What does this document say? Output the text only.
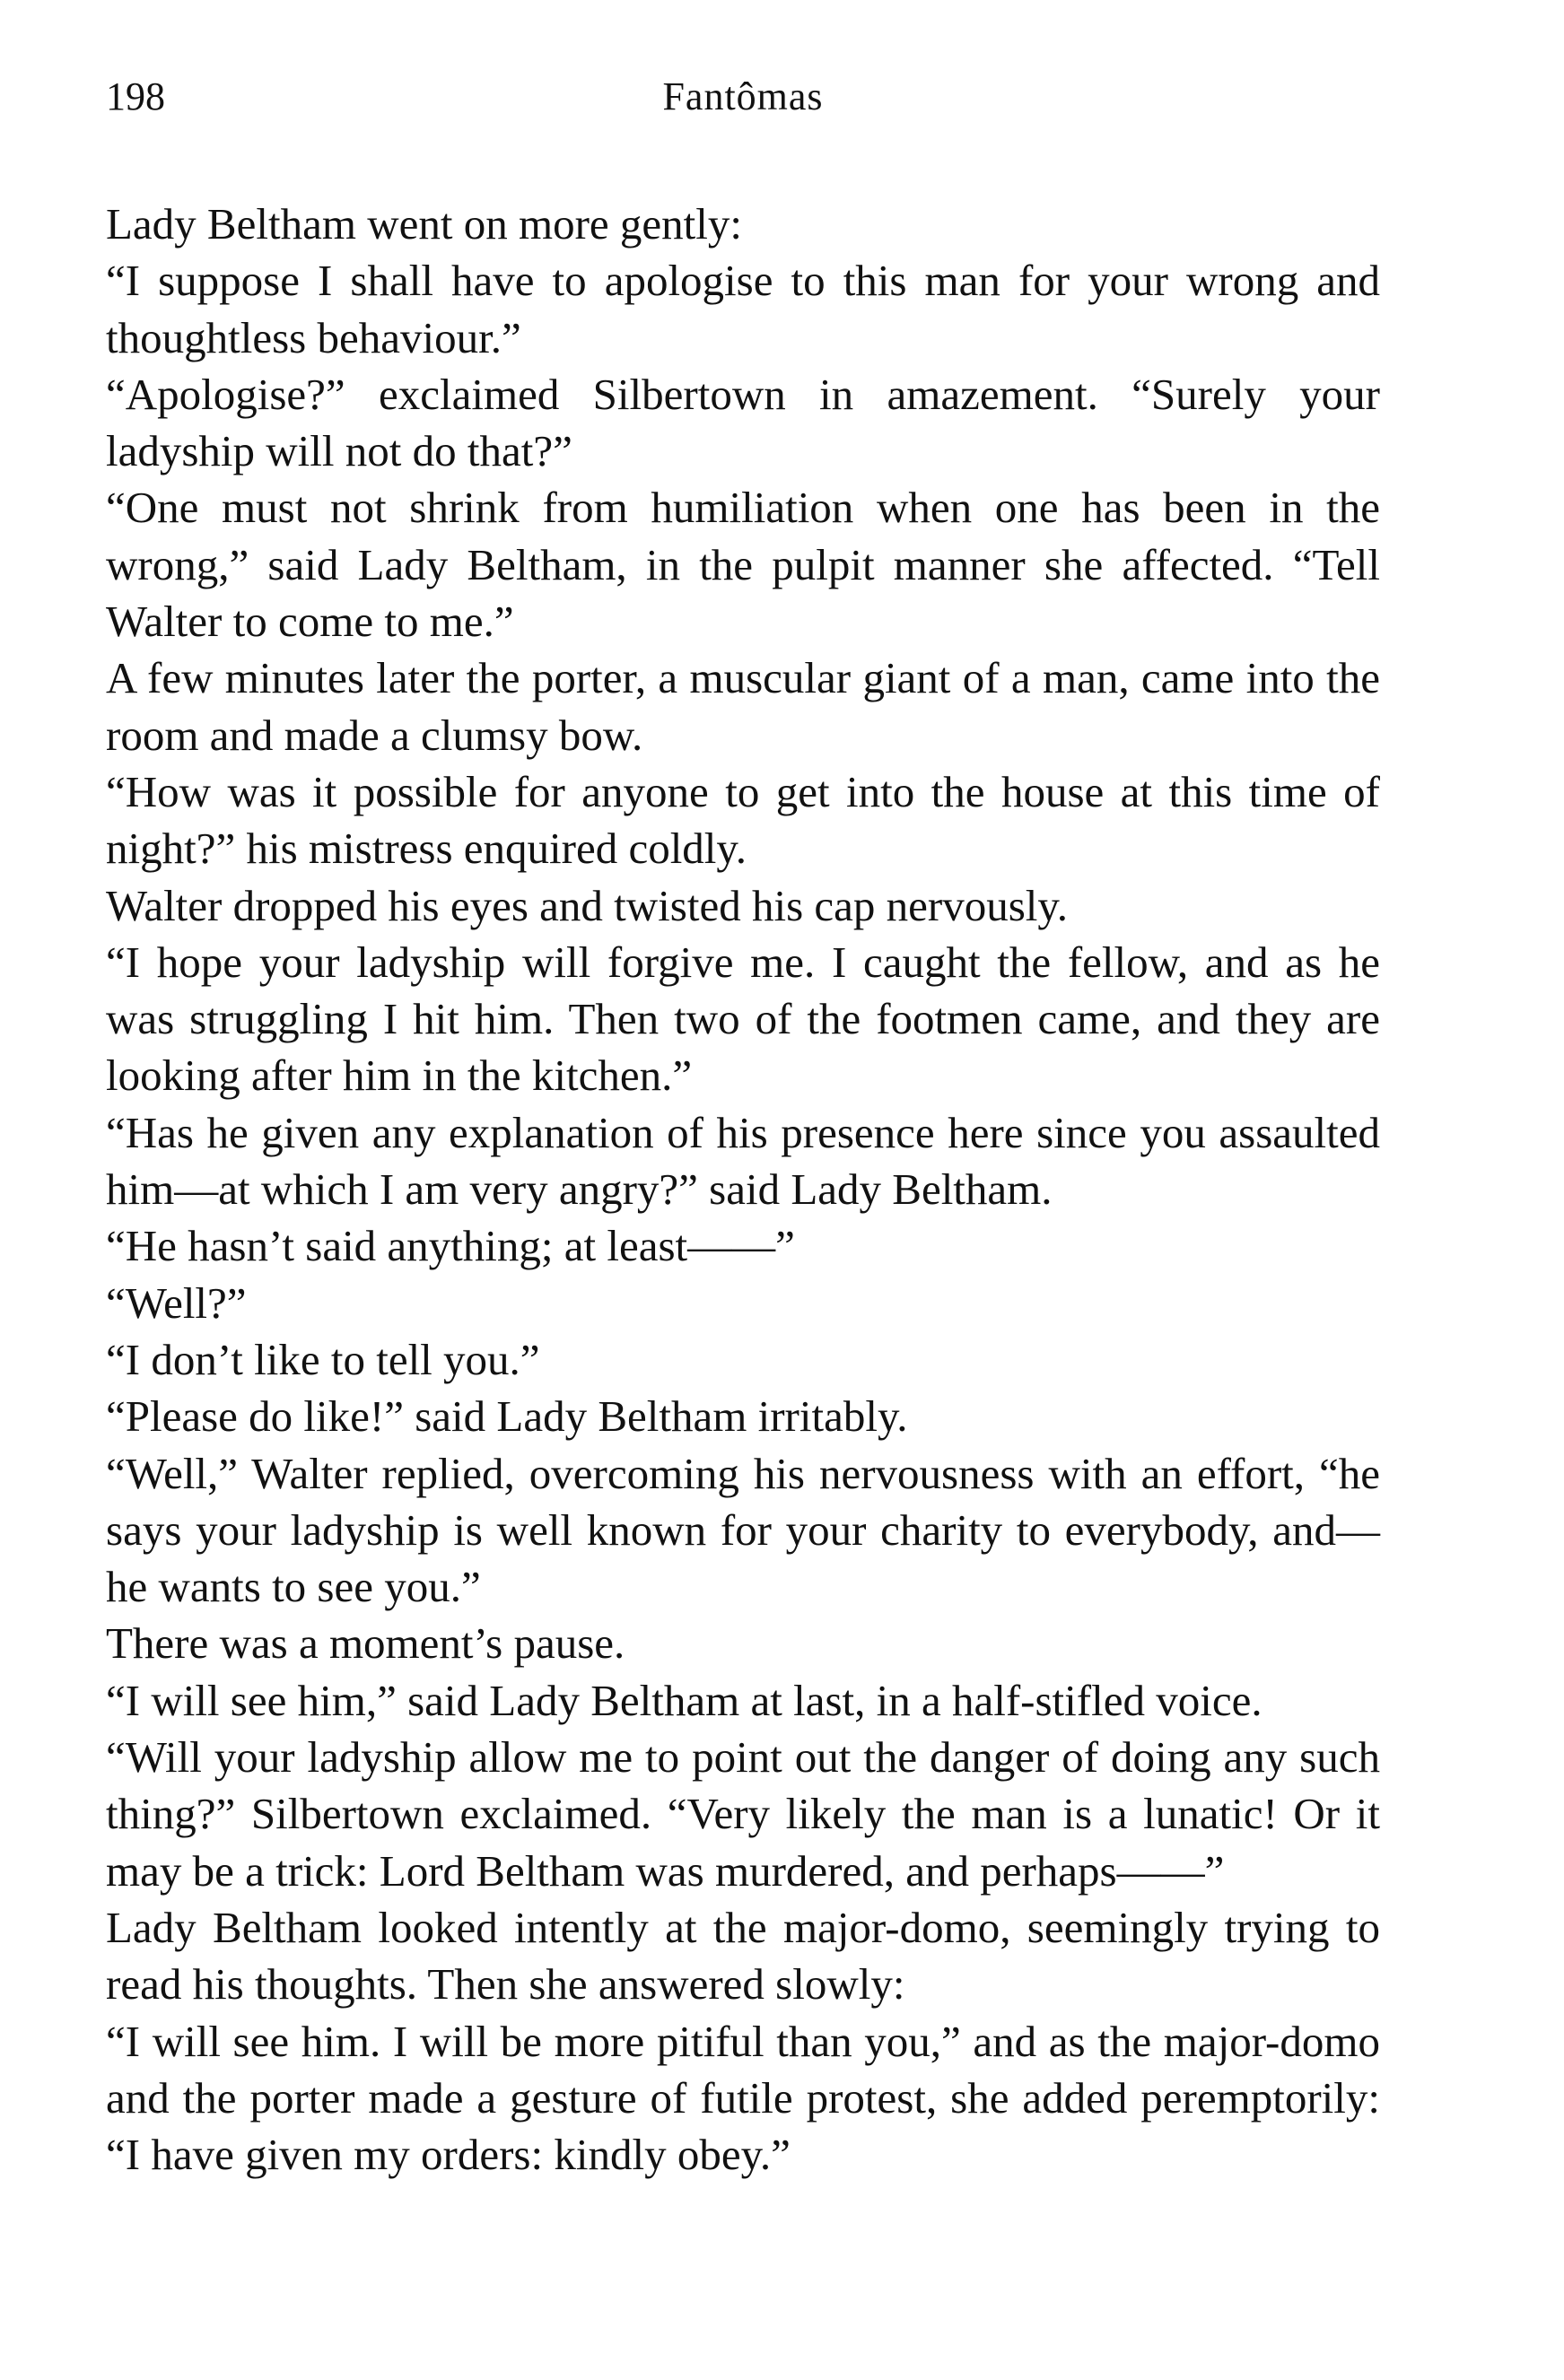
198	Fantômas

Lady Beltham went on more gently:

“I suppose I shall have to apologise to this man for your wrong and thoughtless behaviour.”

“Apologise?” exclaimed Silbertown in amazement. “Surely your ladyship will not do that?”

“One must not shrink from humiliation when one has been in the wrong,” said Lady Beltham, in the pulpit manner she affected. “Tell Walter to come to me.”

A few minutes later the porter, a muscular giant of a man, came into the room and made a clumsy bow.

“How was it possible for anyone to get into the house at this time of night?” his mistress enquired coldly.

Walter dropped his eyes and twisted his cap nervously.

“I hope your ladyship will forgive me. I caught the fellow, and as he was struggling I hit him. Then two of the footmen came, and they are looking after him in the kitchen.”

“Has he given any explanation of his presence here since you assaulted him—at which I am very angry?” said Lady Beltham.

“He hasn’t said anything; at least——”

“Well?”

“I don’t like to tell you.”

“Please do like!” said Lady Beltham irritably.

“Well,” Walter replied, overcoming his nervousness with an effort, “he says your ladyship is well known for your charity to everybody, and—he wants to see you.”

There was a moment’s pause.

“I will see him,” said Lady Beltham at last, in a half-stifled voice.

“Will your ladyship allow me to point out the danger of doing any such thing?” Silbertown exclaimed. “Very likely the man is a lunatic! Or it may be a trick: Lord Beltham was murdered, and perhaps——”

Lady Beltham looked intently at the major-domo, seemingly trying to read his thoughts. Then she answered slowly:

“I will see him. I will be more pitiful than you,” and as the major-domo and the porter made a gesture of futile protest, she added peremptorily: “I have given my orders: kindly obey.”
